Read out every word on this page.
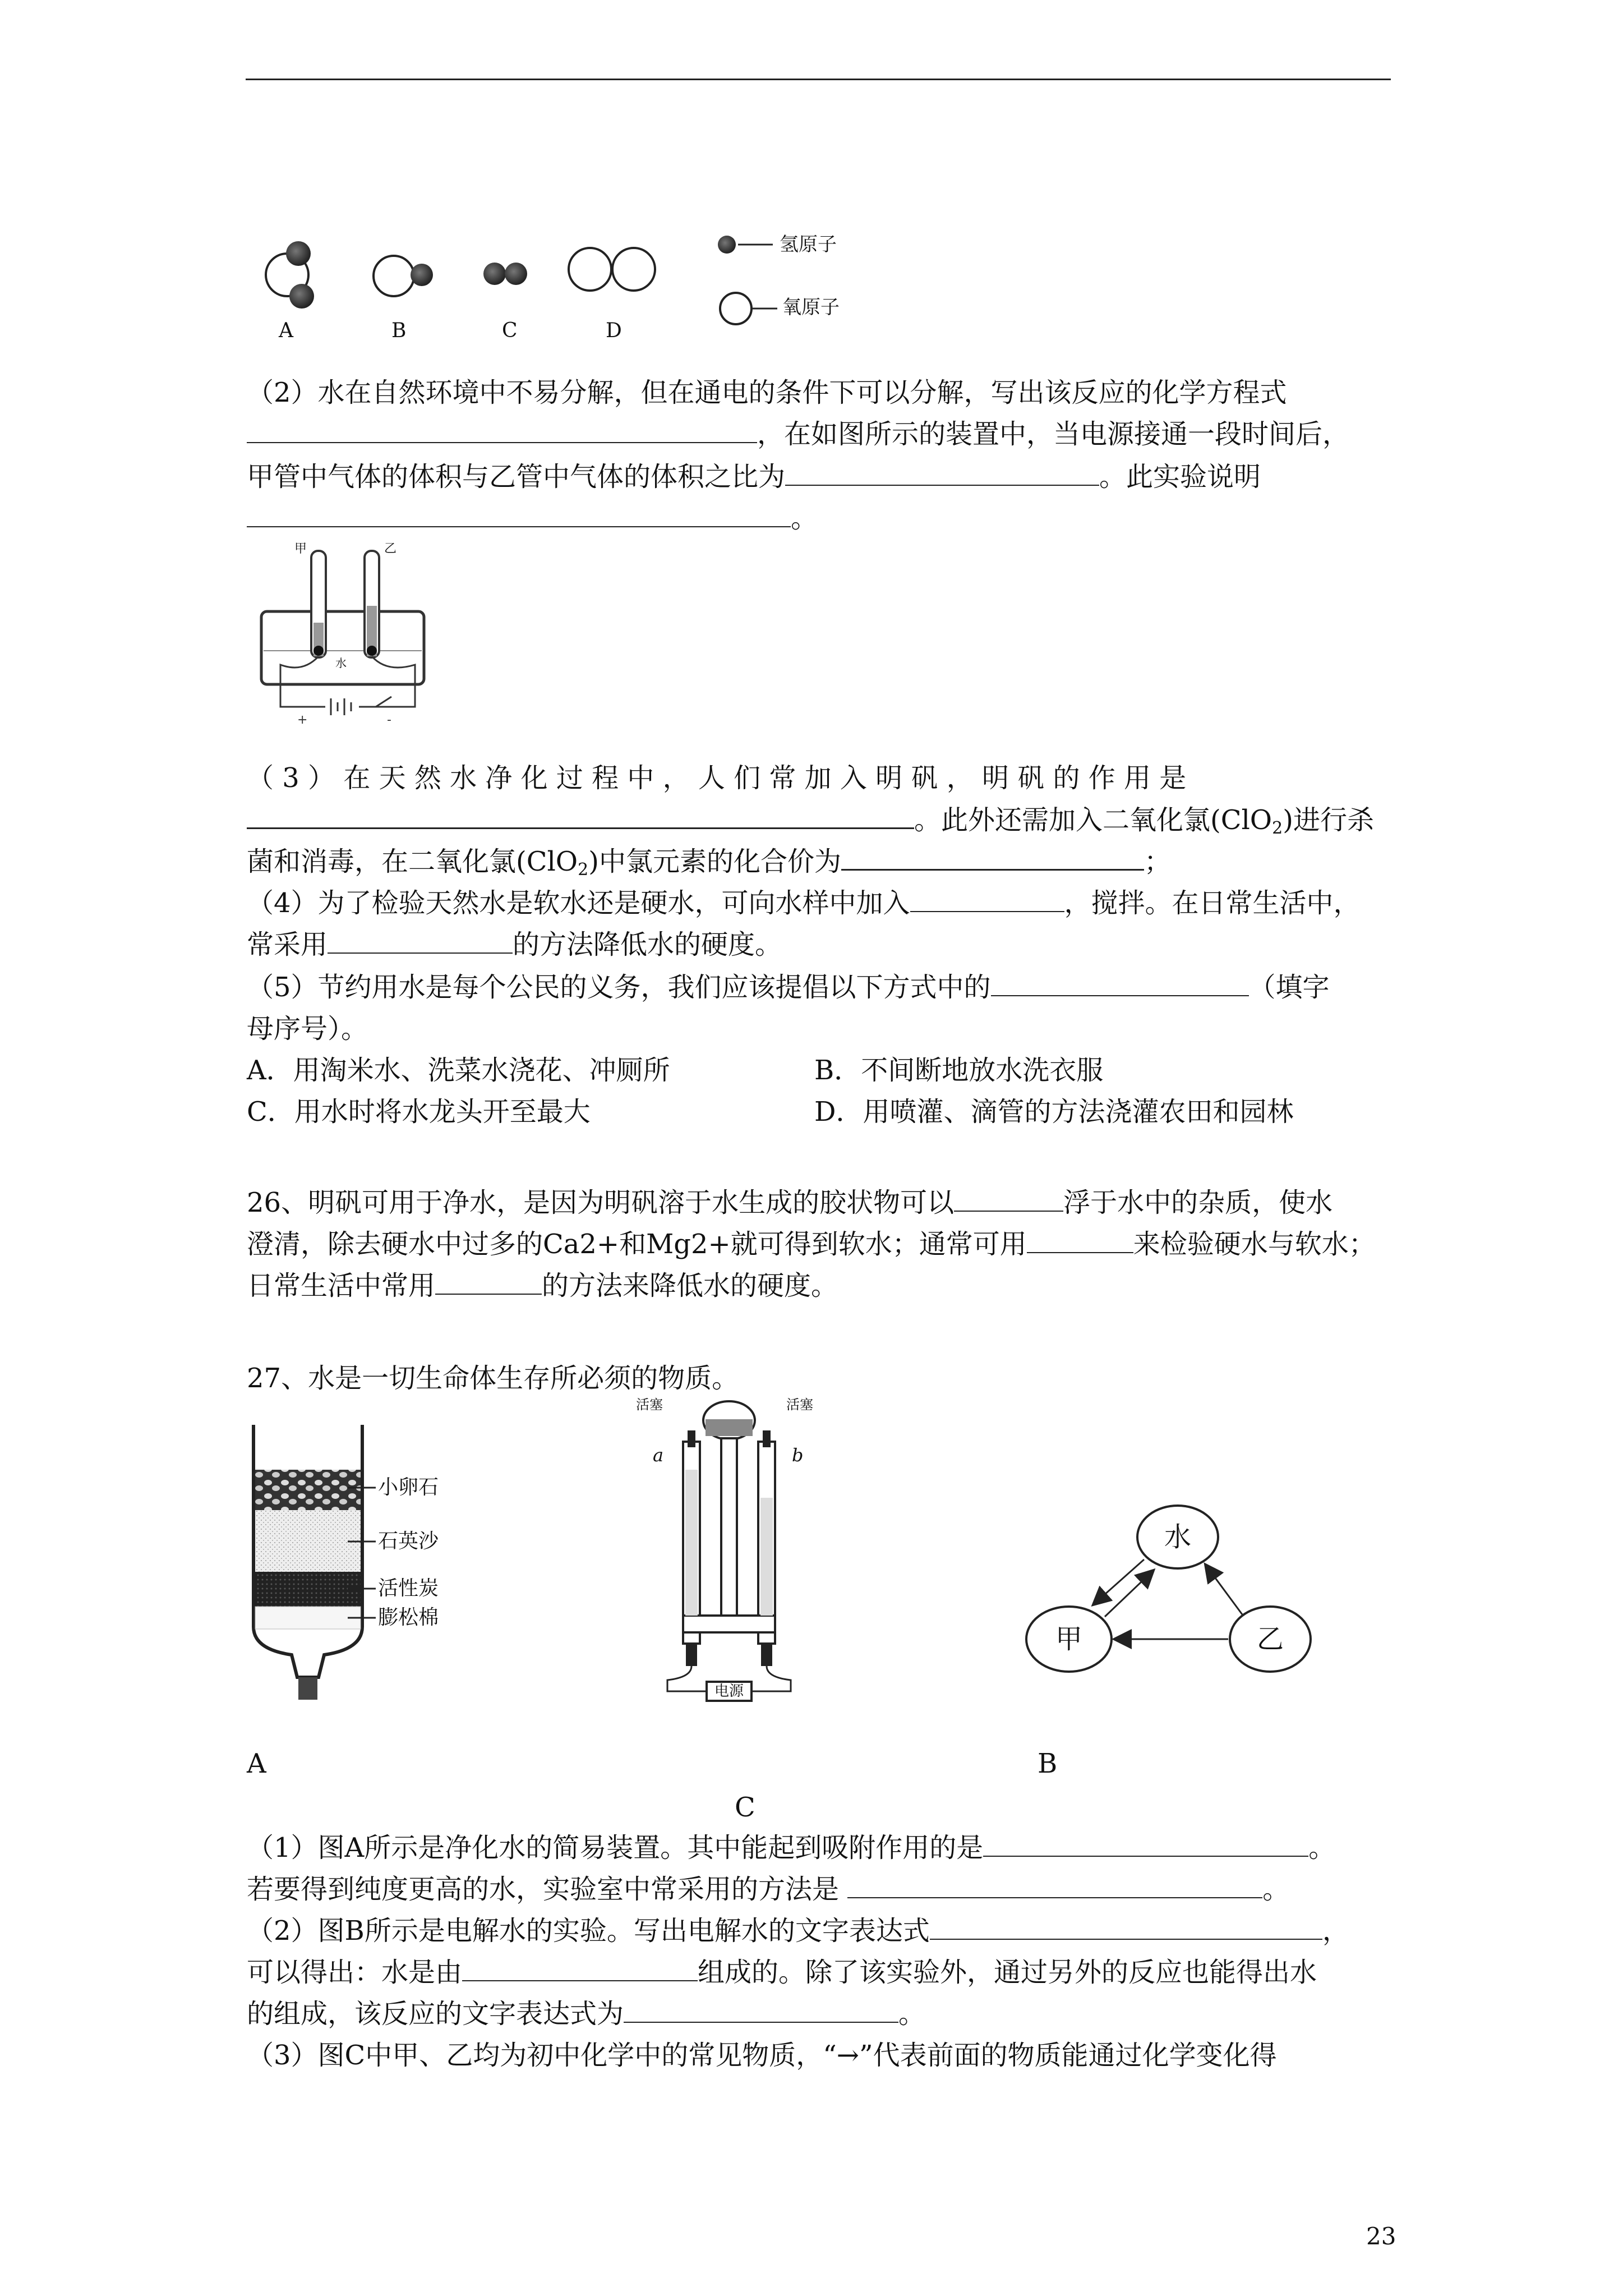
A	B	C	D
氢原子
氧原子
（2）水在自然环境中不易分解，但在通电的条件下可以分解，写出该反应的化学方程式
，在如图所示的装置中，当电源接通一段时间后，
甲管中气体的体积与乙管中气体的体积之比为	。此实验说明
。
+	-
甲	乙
水
（ 3 ） 在 天 然 水 净 化 过 程 中 ， 人 们 常 加 入 明 矾 ， 明 矾 的 作 用 是
。此外还需加入二氧化氯(ClO$_2$)进行杀
菌和消毒，在二氧化氯(ClO$_2$)中氯元素的化合价为	；
（4）为了检验天然水是软水还是硬水，可向水样中加入	，搅拌。在日常生活中，
常采用	的方法降低水的硬度。
（5）节约用水是每个公民的义务，我们应该提倡以下方式中的	（填字
母序号）。
A．用淘米水、洗菜水浇花、冲厕所	B．不间断地放水洗衣服
C．用水时将水龙头开至最大	D．用喷灌、滴管的方法浇灌农田和园林
26、明矾可用于净水，是因为明矾溶于水生成的胶状物可以	浮于水中的杂质，使水
澄清，除去硬水中过多的Ca2+和Mg2+就可得到软水；通常可用	来检验硬水与软水；
日常生活中常用	的方法来降低水的硬度。
27、水是一切生命体生存所必须的物质。
小卵石
石英沙
活性炭
膨松棉
活塞	活塞
a	b
电源
水
甲	乙
A	B
C
（1）图A所示是净化水的简易装置。其中能起到吸附作用的是	。
若要得到纯度更高的水，实验室中常采用的方法是	。
（2）图B所示是电解水的实验。写出电解水的文字表达式	，
可以得出：水是由	组成的。除了该实验外，通过另外的反应也能得出水
的组成，该反应的文字表达式为	。
（3）图C中甲、乙均为初中化学中的常见物质，“→”代表前面的物质能通过化学变化得
23
